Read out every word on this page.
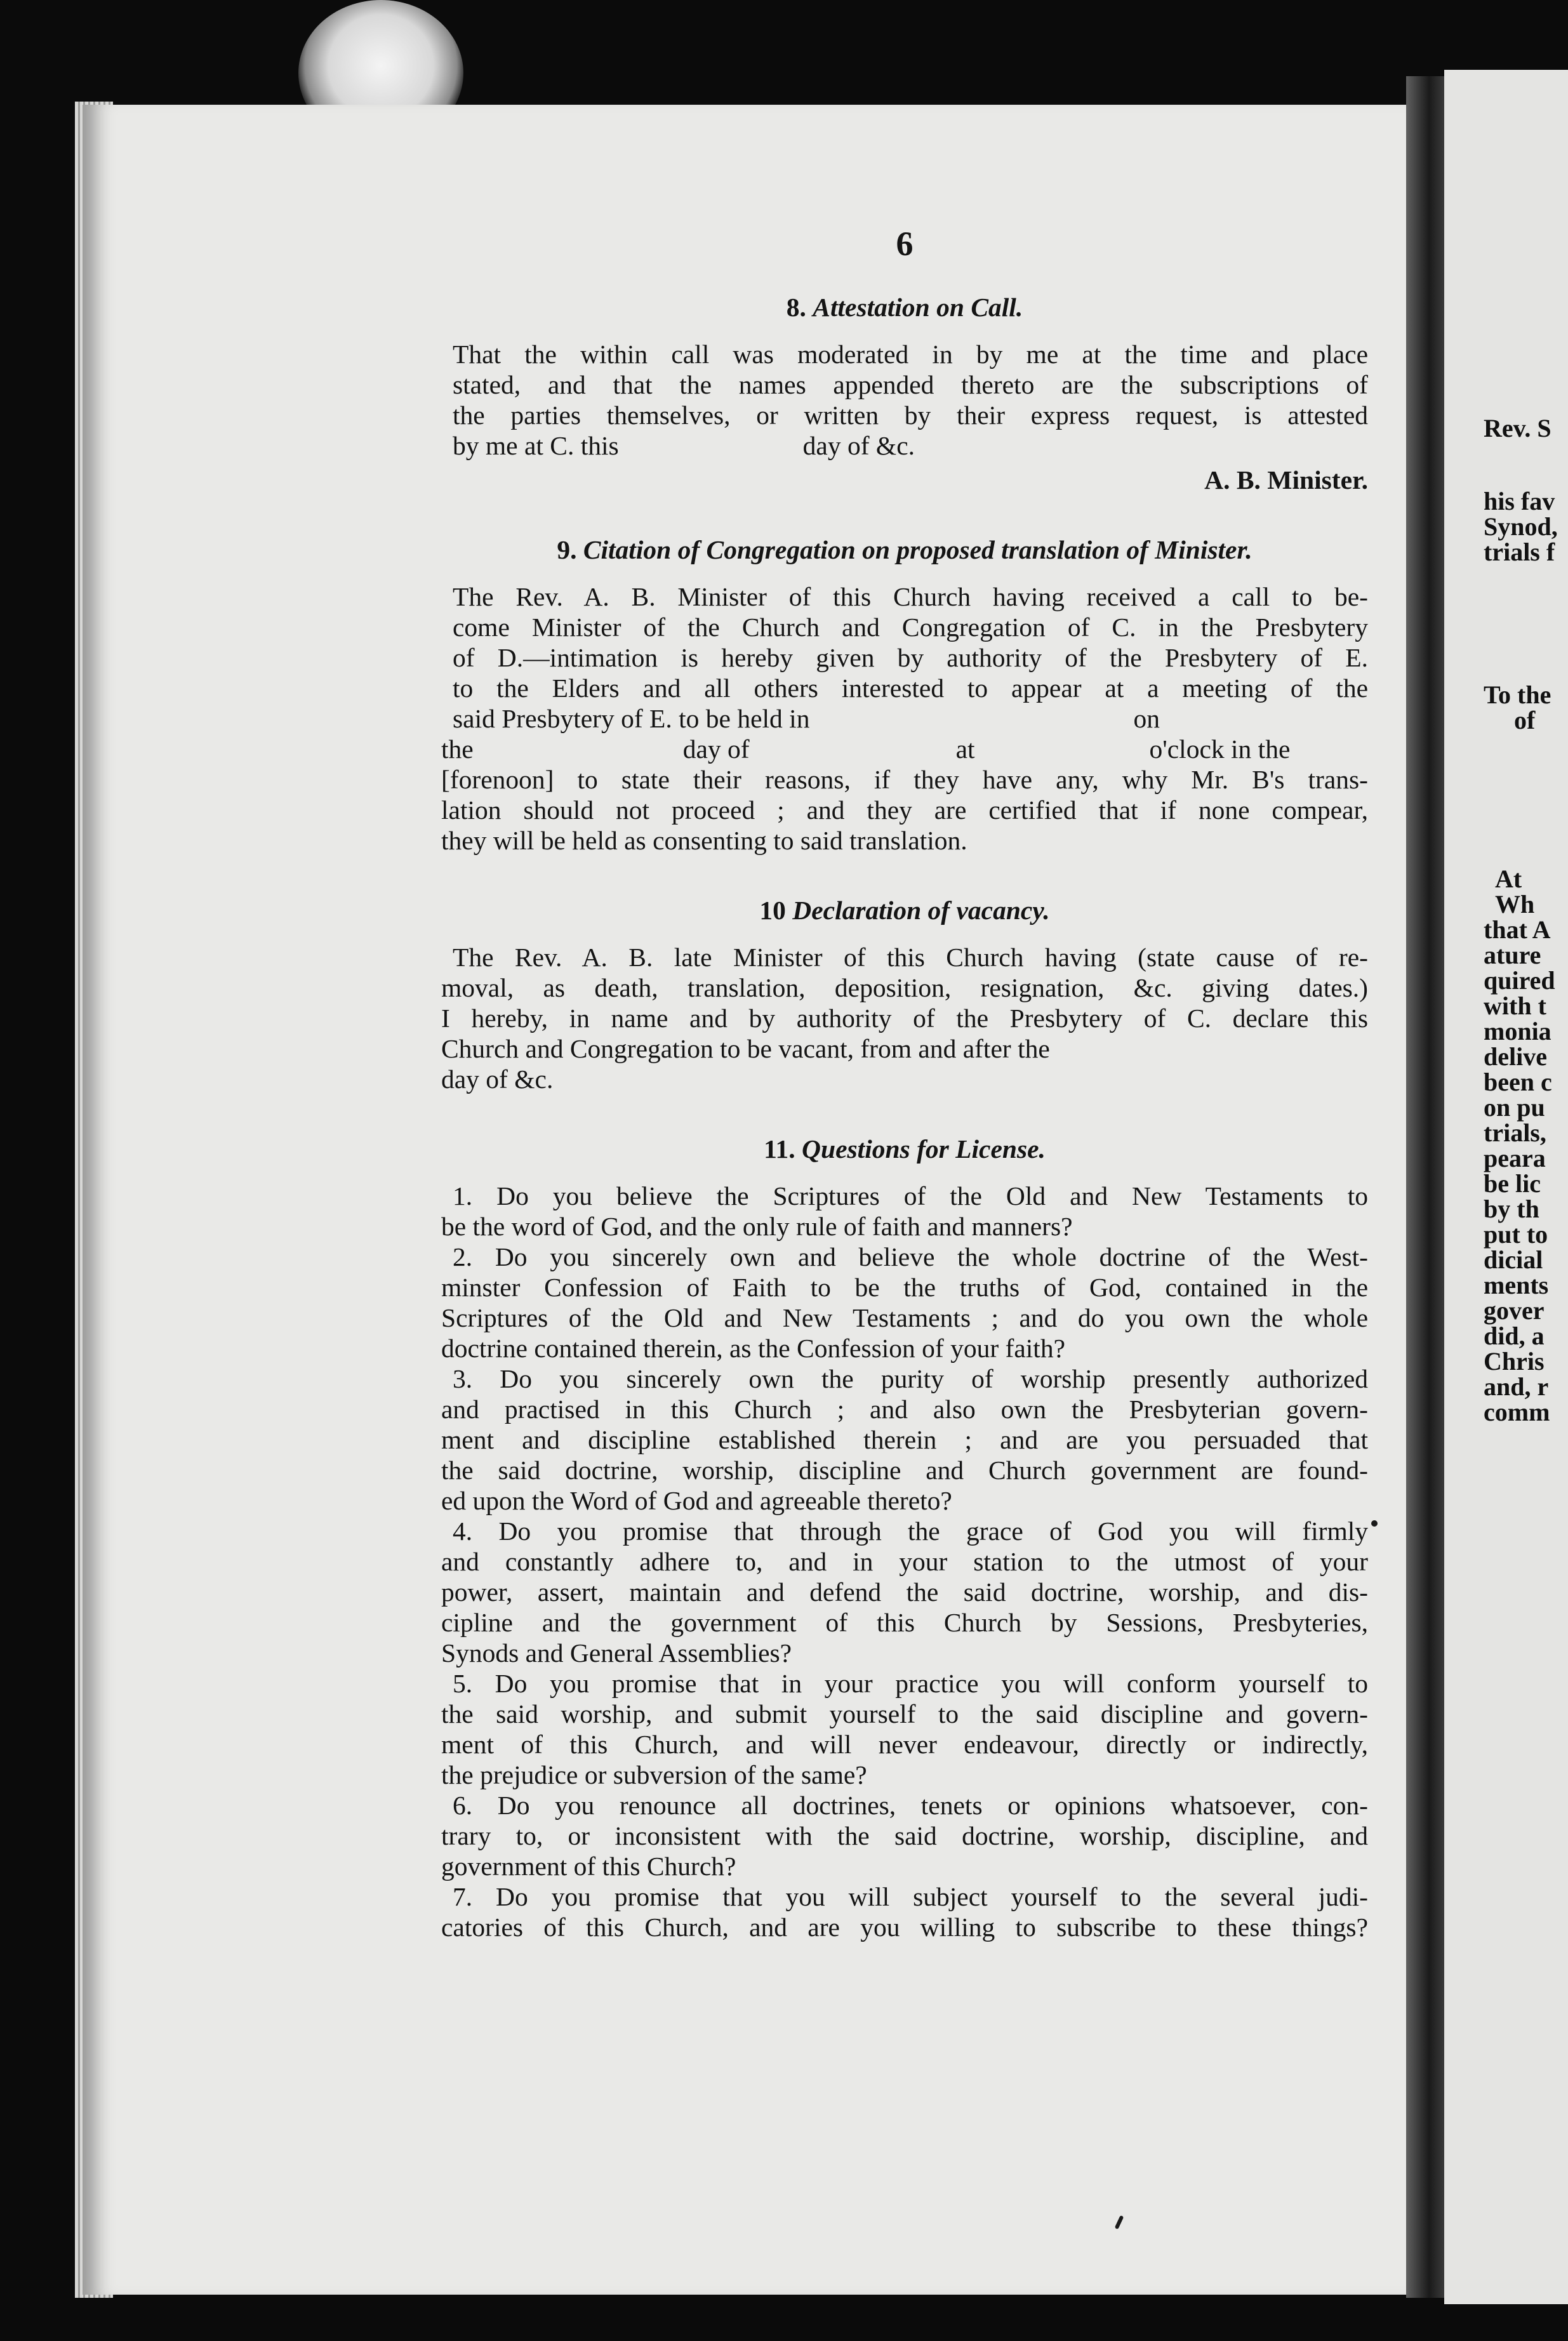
Rev. S
his fav
Synod,
trials f
To the
of
At
Wh
that A
ature
quired
with t
monia
delive
been c
on pu
trials,
peara
be lic
by th
put to
dicial
ments
gover
did, a
Chris
and, r
comm
6
8. Attestation on Call.
That the within call was moderated in by me at the time and place
stated, and that the names appended thereto are the subscriptions of
the parties themselves, or written by their express request, is attested
by me at C. this	day of &c.
A. B. Minister.
9. Citation of Congregation on proposed translation of Minister.
The Rev. A. B. Minister of this Church having received a call to be-
come Minister of the Church and Congregation of C. in the Presbytery
of D.—intimation is hereby given by authority of the Presbytery of E.
to the Elders and all others interested to appear at a meeting of the
said Presbytery of E. to be held in	on
the	day of	at	o'clock in the
[forenoon] to state their reasons, if they have any, why Mr. B's trans-
lation should not proceed ; and they are certified that if none compear,
they will be held as consenting to said translation.
10 Declaration of vacancy.
The Rev. A. B. late Minister of this Church having (state cause of re-
moval, as death, translation, deposition, resignation, &c. giving dates.)
I hereby, in name and by authority of the Presbytery of C. declare this
Church and Congregation to be vacant, from and after the
day of &c.
11. Questions for License.
1. Do you believe the Scriptures of the Old and New Testaments to
be the word of God, and the only rule of faith and manners?
2. Do you sincerely own and believe the whole doctrine of the West-
minster Confession of Faith to be the truths of God, contained in the
Scriptures of the Old and New Testaments ; and do you own the whole
doctrine contained therein, as the Confession of your faith?
3. Do you sincerely own the purity of worship presently authorized
and practised in this Church ; and also own the Presbyterian govern-
ment and discipline established therein ; and are you persuaded that
the said doctrine, worship, discipline and Church government are found-
ed upon the Word of God and agreeable thereto?
4. Do you promise that through the grace of God you will firmly
and constantly adhere to, and in your station to the utmost of your
power, assert, maintain and defend the said doctrine, worship, and dis-
cipline and the government of this Church by Sessions, Presbyteries,
Synods and General Assemblies?
5. Do you promise that in your practice you will conform yourself to
the said worship, and submit yourself to the said discipline and govern-
ment of this Church, and will never endeavour, directly or indirectly,
the prejudice or subversion of the same?
6. Do you renounce all doctrines, tenets or opinions whatsoever, con-
trary to, or inconsistent with the said doctrine, worship, discipline, and
government of this Church?
7. Do you promise that you will subject yourself to the several judi-
catories of this Church, and are you willing to subscribe to these things?
